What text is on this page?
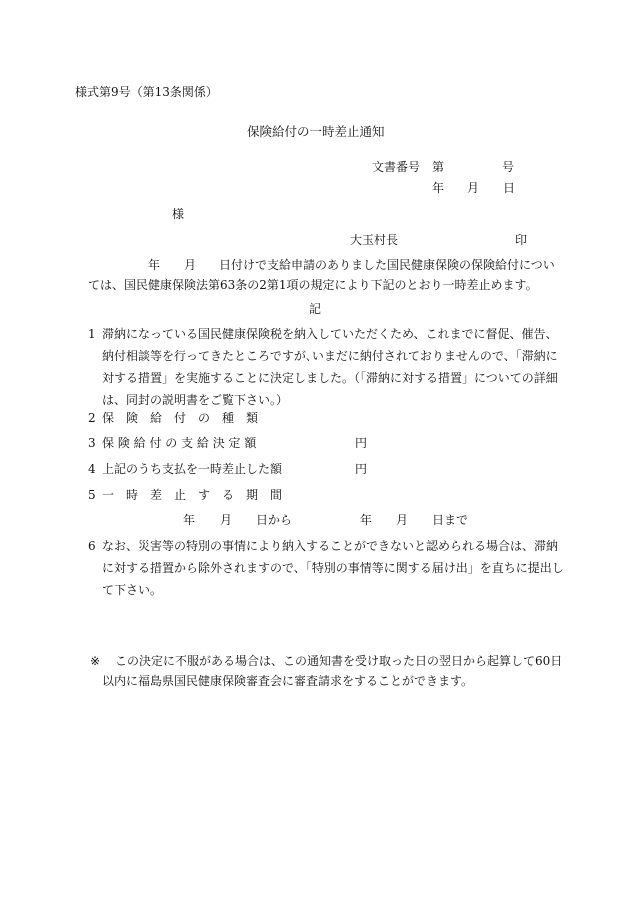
様式第9号（第13条関係）
保険給付の一時差止通知
文書番号 第	号
年 月 日
様
大玉村長	印
年 月 日付けで支給申請のありました国民健康保険の保険給付につい
ては、国民健康保険法第63条の2第1項の規定により下記のとおり一時差止めます。
記
1 滞納になっている国民健康保険税を納入していただくため、これまでに督促、催告、
納付相談等を行ってきたところですが､いまだに納付されておりませんので、「滞納に
対する措置」を実施することに決定しました。（「滞納に対する措置」についての詳細
は、同封の説明書をご覧下さい。）
2 保　険　給　付　の　種　類
3 保 険 給 付 の 支 給 決 定 額	円
4 上記のうち支払を一時差止した額	円
5 一　時　差　止　す　る　期　間
年 月 日から	年 月 日まで
6 なお、災害等の特別の事情により納入することができないと認められる場合は、滞納
に対する措置から除外されますので、「特別の事情等に関する届け出」を直ちに提出し
て下さい。
※ この決定に不服がある場合は、この通知書を受け取った日の翌日から起算して60日
以内に福島県国民健康保険審査会に審査請求をすることができます。
